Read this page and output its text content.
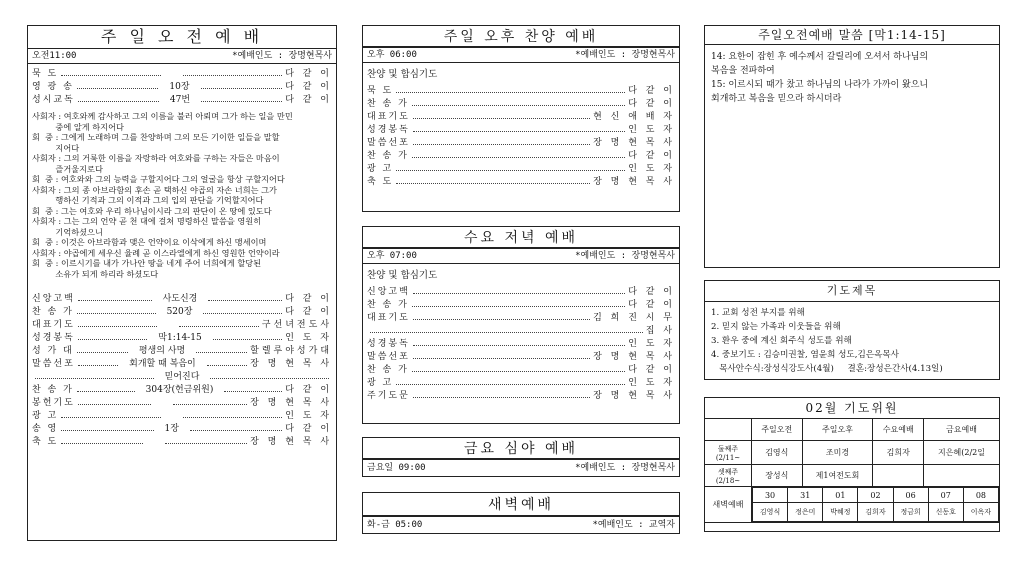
주 일 오 전 예 배
오전11:00	*예배인도 : 장명현목사
묵 도	다 같 이
영 광 송	10장	다 같 이
성시교독	47번	다 같 이
사회자 : 여호와께 감사하고 그의 이름을 불러 아뢰며 그가 하는 일을 만민
중에 알게 하지어다
회  중 : 그에게 노래하며 그를 찬양하며 그의 모든 기이한 일들을 말할
지어다
사회자 : 그의 거룩한 이름을 자랑하라 여호와를 구하는 자들은 마음이
즐거울지로다
회  중 : 여호와와 그의 능력을 구할지어다 그의 얼굴을 항상 구할지어다
사회자 : 그의 종 아브라함의 후손 곧 택하신 야곱의 자손 너희는 그가
행하신 기적과 그의 이적과 그의 입의 판단을 기억할지어다
회  중 : 그는 여호와 우리 하나님이시라 그의 판단이 온 땅에 있도다
사회자 : 그는 그의 언약 곧 천 대에 걸쳐 명령하신 말씀을 영원히
기억하셨으니
회  중 : 이것은 아브라함과 맺은 언약이요 이삭에게 하신 맹세이며
사회자 : 야곱에게 세우신 율례 곧 이스라엘에게 하신 영원한 언약이라
회  중 : 이르시기를 내가 가나안 땅을 네게 주어 너희에게 할당된
소유가 되게 하리라 하셨도다
신앙고백	사도신경	다 같 이
찬 송 가	520장	다 같 이
대표기도	구선녀전도사
성경봉독	막1:14-15	인 도 자
성 가 대	평생의 사명	할렐루야성가대
말씀선포	회개할 때 복음이	장 명 현 목 사
믿어진다
찬 송 가	304장(헌금위원)	다 같 이
봉헌기도	장 명 현 목 사
광 고	인 도 자
송 영	1장	다 같 이
축 도	장 명 현 목 사
주일 오후 찬양 예배
오후 06:00	*예배인도 : 장명현목사
찬양 및 합심기도
묵 도	다 같 이
찬 송 가	다 같 이
대표기도	현 신 애 배 자
성경봉독	인 도 자
말씀선포	장 명 현 목 사
찬 송 가	다 같 이
광 고	인 도 자
축 도	장 명 현 목 사
수요 저녁 예배
오후 07:00	*예배인도 : 장명현목사
찬양 및 합심기도
신앙고백	다 같 이
찬 송 가	다 같 이
대표기도	김 희 진 시 무
집 사
성경봉독	인 도 자
말씀선포	장 명 현 목 사
찬 송 가	다 같 이
광 고	인 도 자
주기도문	장 명 현 목 사
금요 심야 예배
금요일 09:00	*예배인도 : 장명현목사
새벽예배
화-금 05:00	*예배인도 : 교역자
주일오전예배 말씀 [막1:14-15]
14: 요한이 잡힌 후 예수께서 갈릴리에 오셔서 하나님의
복음을 전파하여
15: 이르시되 때가 찼고 하나님의 나라가 가까이 왔으니
회개하고 복음을 믿으라 하시더라
기도제목
1. 교회 성전 부지를 위해
2. 믿지 않는 가족과 이웃들을 위해
3. 환우 중에 계신 회주식 성도를 위해
4. 중보기도 : 김승미권찰, 염윤희 성도,김은옥목사
목사안수식:장성식강도사(4월)     결혼:장성은간사(4.13일)
02월 기도위원
	주일오전	주일오후	수요예배	금요예배
둘째주 (2/11~	김영식	조미경	김희자	지은혜(2/2일
셋째주 (2/18~	장성식	제1여전도회		
새벽예배	
30	31	01	02	06	07	08
김영식	정은미	박혜정	김희자	정금희	신동호	이옥자
